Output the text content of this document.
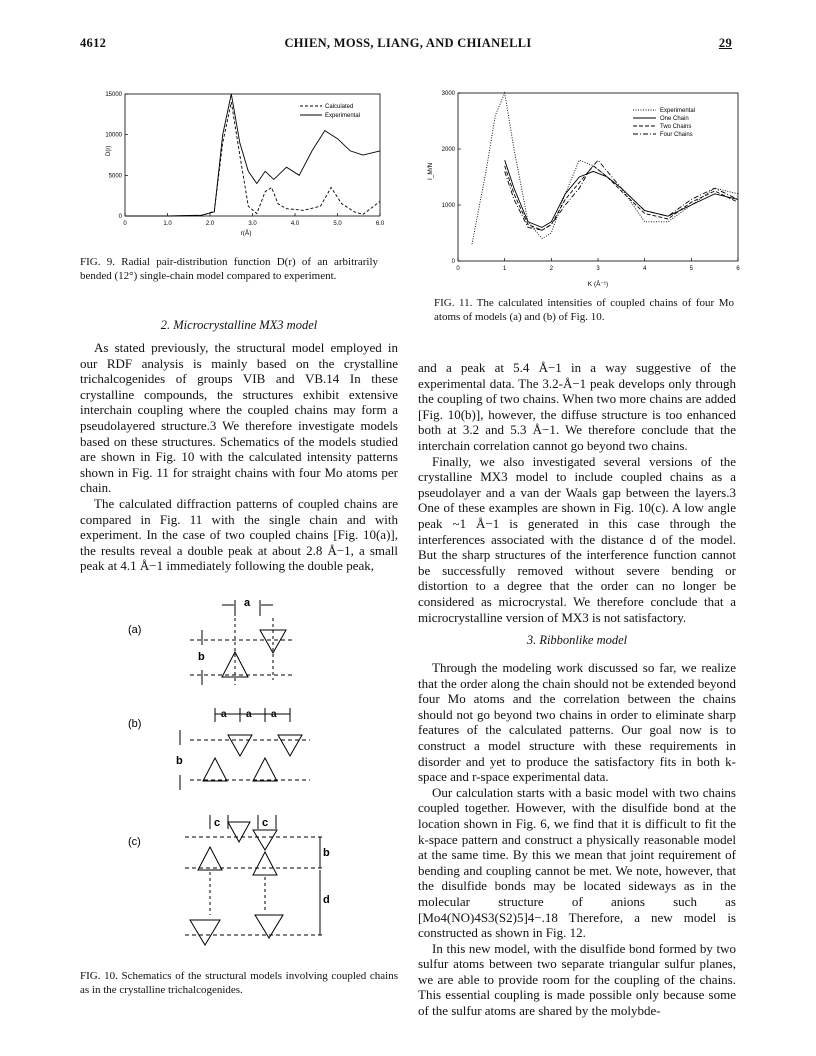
4612	CHIEN, MOSS, LIANG, AND CHIANELLI	29
0	1.0	2.0	3.0	4.0	5.0	6.0
0
5000
10000
15000
D(r)
r(Å)
Calculated
Experimental
FIG. 9. Radial pair-distribution function D(r) of an arbitrarily bended (12°) single-chain model compared to experiment.
0	1	2	3	4	5	6
0
1000
2000
3000
I_M/N
K (Å⁻¹)
Experimental
One Chain
Two Chains
Four Chains
FIG. 11. The calculated intensities of coupled chains of four Mo atoms of models (a) and (b) of Fig. 10.
2. Microcrystalline MX3 model

As stated previously, the structural model employed in our RDF analysis is mainly based on the crystalline trichalcogenides of groups VIB and VB.14 In these crystalline compounds, the structures exhibit extensive interchain coupling where the coupled chains may form a pseudolayered structure.3 We therefore investigate models based on these structures. Schematics of the models studied are shown in Fig. 10 with the calculated intensity patterns shown in Fig. 11 for straight chains with four Mo atoms per chain.

The calculated diffraction patterns of coupled chains are compared in Fig. 11 with the single chain and with experiment. In the case of two coupled chains [Fig. 10(a)], the results reveal a double peak at about 2.8 Å−1, a small peak at 4.1 Å−1 immediately following the double peak,

(a)
a
b
(b)
a a a
b
(c)
c	c
b
d
FIG. 10. Schematics of the structural models involving coupled chains as in the crystalline trichalcogenides.

and a peak at 5.4 Å−1 in a way suggestive of the experimental data. The 3.2-Å−1 peak develops only through the coupling of two chains. When two more chains are added [Fig. 10(b)], however, the diffuse structure is too enhanced both at 3.2 and 5.3 Å−1. We therefore conclude that the interchain correlation cannot go beyond two chains.

Finally, we also investigated several versions of the crystalline MX3 model to include coupled chains as a pseudolayer and a van der Waals gap between the layers.3 One of these examples are shown in Fig. 10(c). A low angle peak ~1 Å−1 is generated in this case through the interferences associated with the distance d of the model. But the sharp structures of the interference function cannot be successfully removed without severe bending or distortion to a degree that the order can no longer be considered as microcrystal. We therefore conclude that a microcrystalline version of MX3 is not satisfactory.

3. Ribbonlike model

Through the modeling work discussed so far, we realize that the order along the chain should not be extended beyond four Mo atoms and the correlation between the chains should not go beyond two chains in order to eliminate sharp features of the calculated patterns. Our goal now is to construct a model structure with these requirements in disorder and yet to produce the satisfactory fits in both k-space and r-space experimental data.

Our calculation starts with a basic model with two chains coupled together. However, with the disulfide bond at the location shown in Fig. 6, we find that it is difficult to fit the k-space pattern and construct a physically reasonable model at the same time. By this we mean that joint requirement of bending and coupling cannot be met. We note, however, that the disulfide bonds may be located sideways as in the molecular structure of anions such as [Mo4(NO)4S3(S2)5]4−.18 Therefore, a new model is constructed as shown in Fig. 12.

In this new model, with the disulfide bond formed by two sulfur atoms between two separate triangular sulfur planes, we are able to provide room for the coupling of the chains. This essential coupling is made possible only because some of the sulfur atoms are shared by the molybde-
